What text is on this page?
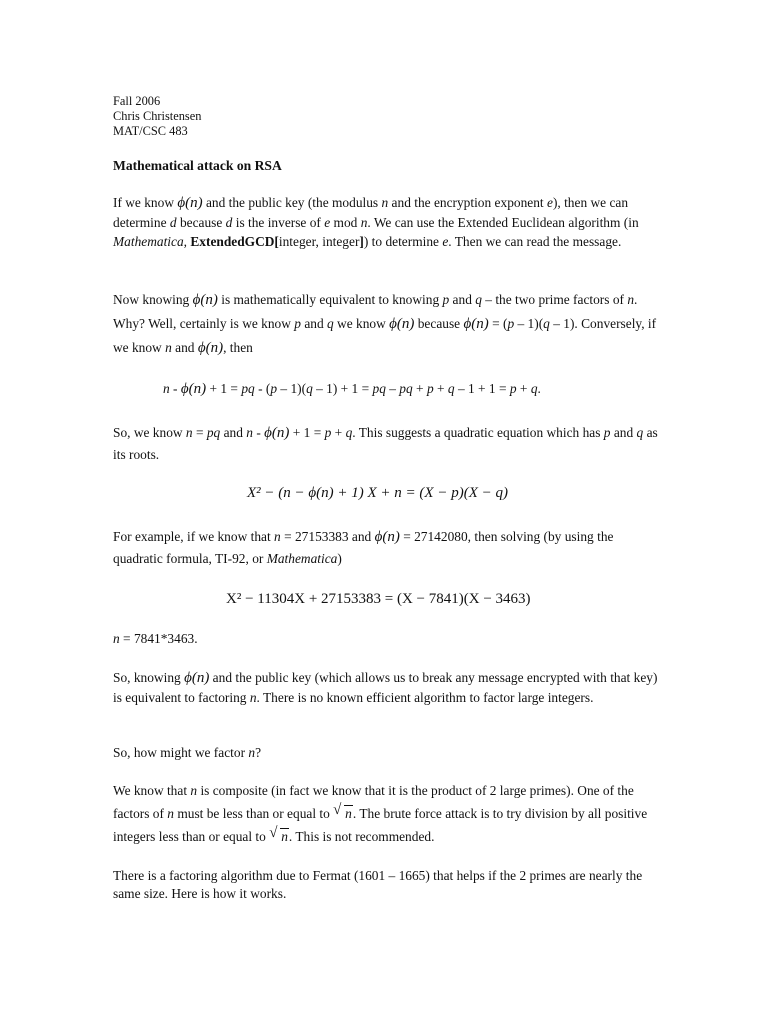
Fall 2006
Chris Christensen
MAT/CSC 483
Mathematical attack on RSA

If we know ϕ(n) and the public key (the modulus n and the encryption exponent e), then we can determine d because d is the inverse of e mod n. We can use the Extended Euclidean algorithm (in Mathematica, ExtendedGCD[integer, integer]) to determine e. Then we can read the message.

Now knowing ϕ(n) is mathematically equivalent to knowing p and q – the two prime factors of n. Why? Well, certainly is we know p and q we know ϕ(n) because ϕ(n) = (p – 1)(q – 1). Conversely, if we know n and ϕ(n), then

n - ϕ(n) + 1 = pq - (p – 1)(q – 1) + 1 = pq – pq + p + q – 1 + 1 = p + q.

So, we know n = pq and n - ϕ(n) + 1 = p + q. This suggests a quadratic equation which has p and q as its roots.

X² − (n − ϕ(n) + 1) X + n = (X − p)(X − q)

For example, if we know that n = 27153383 and ϕ(n) = 27142080, then solving (by using the quadratic formula, TI-92, or Mathematica)

X² − 11304X + 27153383 = (X − 7841)(X − 3463)

n = 7841*3463.

So, knowing ϕ(n) and the public key (which allows us to break any message encrypted with that key) is equivalent to factoring n. There is no known efficient algorithm to factor large integers.

So, how might we factor n?

We know that n is composite (in fact we know that it is the product of 2 large primes). One of the factors of n must be less than or equal to √ n. The brute force attack is to try division by all positive integers less than or equal to √ n. This is not recommended.

There is a factoring algorithm due to Fermat (1601 – 1665) that helps if the 2 primes are nearly the same size. Here is how it works.
